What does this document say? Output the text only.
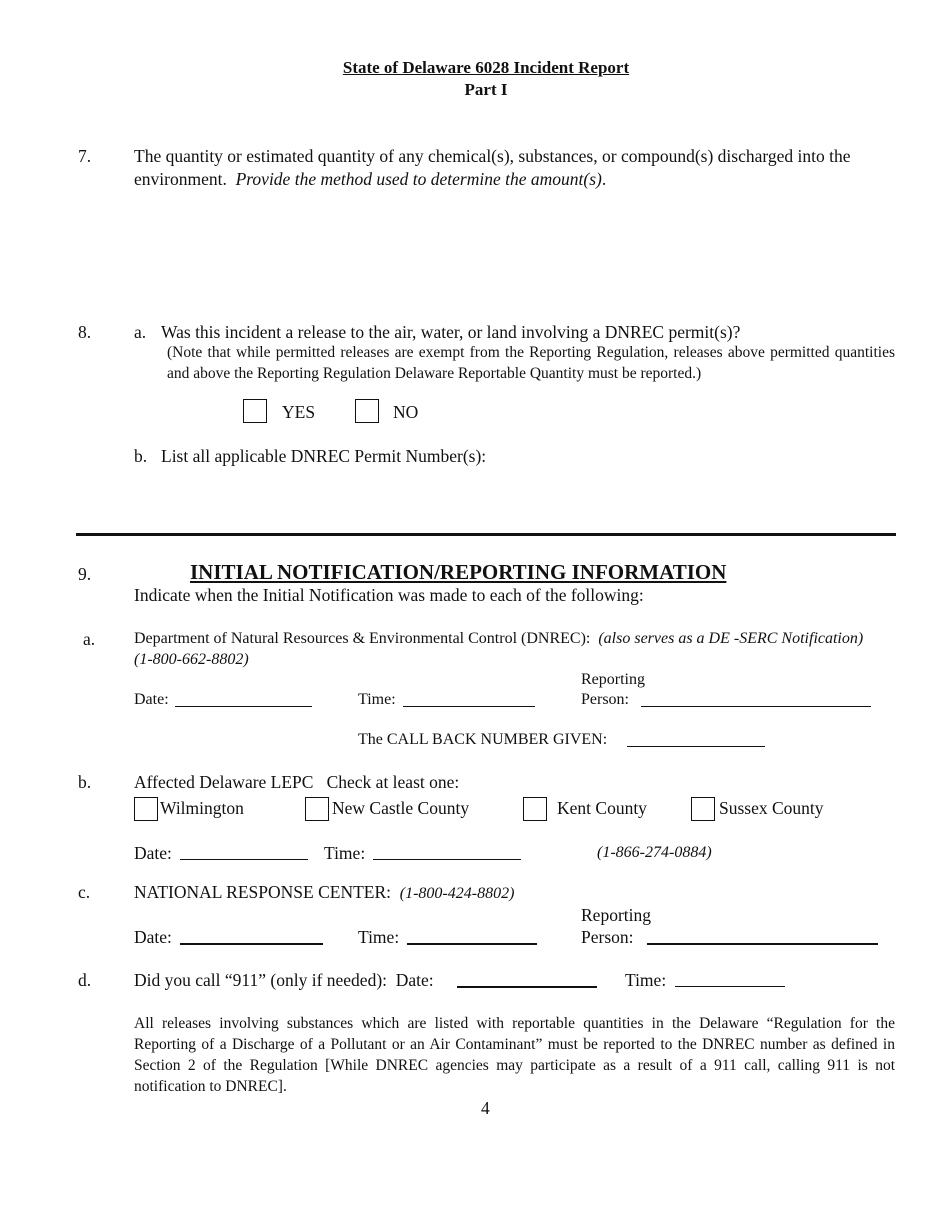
State of Delaware 6028 Incident Report
Part I
7. The quantity or estimated quantity of any chemical(s), substances, or compound(s) discharged into the
environment. Provide the method used to determine the amount(s).
8. a. Was this incident a release to the air, water, or land involving a DNREC permit(s)?
(Note that while permitted releases are exempt from the Reporting Regulation, releases above permitted quantities and above the Reporting Regulation Delaware Reportable Quantity must be reported.)
YES	NO
b. List all applicable DNREC Permit Number(s):
9.	INITIAL NOTIFICATION/REPORTING INFORMATION
Indicate when the Initial Notification was made to each of the following:
a. Department of Natural Resources & Environmental Control (DNREC): (also serves as a DE -SERC Notification)
(1-800-662-8802)
Date:	Time:
Reporting
Person:
The CALL BACK NUMBER GIVEN:
b. Affected Delaware LEPC Check at least one:
Wilmington	New Castle County	Kent County	Sussex County
Date:	Time:	(1-866-274-0884)
c.	NATIONAL RESPONSE CENTER: (1-800-424-8802)
Date:	Time:
Reporting
Person:
d. Did you call “911” (only if needed): Date:	Time:
All releases involving substances which are listed with reportable quantities in the Delaware “Regulation for the Reporting of a Discharge of a Pollutant or an Air Contaminant” must be reported to the DNREC number as defined in Section 2 of the Regulation [While DNREC agencies may participate as a result of a 911 call, calling 911 is not notification to DNREC].
4
